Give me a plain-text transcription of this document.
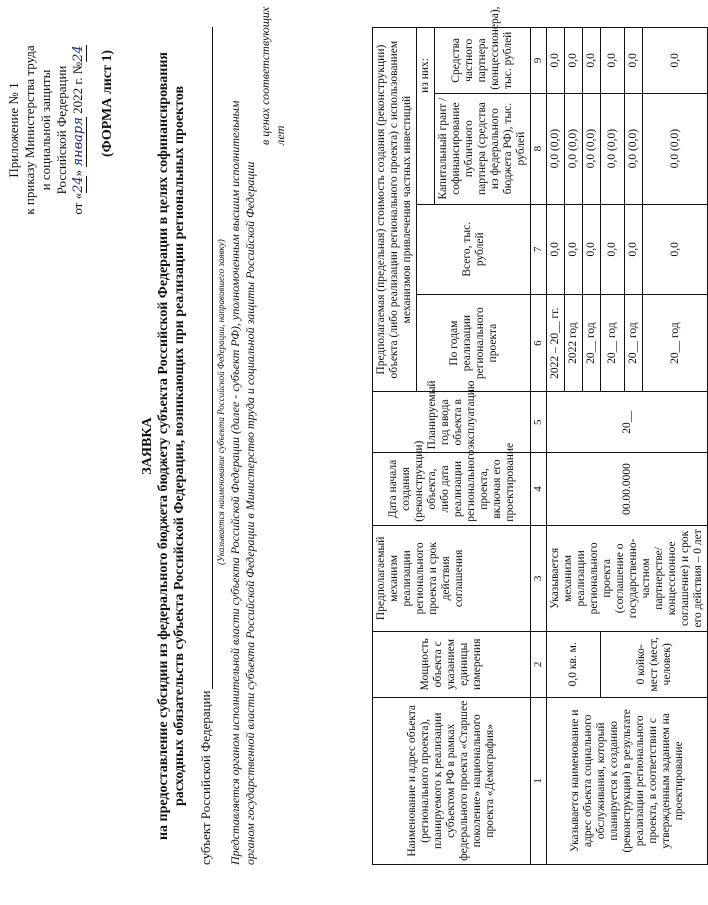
Приложение № 1 к приказу Министерства труда и социальной защиты Российской Федерации
от «24» января 2022 г. №24 (ФОРМА лист 1)
ЗАЯВКА на предоставление субсидии из федерального бюджета бюджету субъекта Российской Федерации в целях софинансирования расходных обязательств субъекта Российской Федерации, возникающих при реализации региональных проектов субъект Российской Федерации
(Указывается наименование субъекта Российской Федерации, направившего заявку) Представляется органом исполнительной власти субъекта Российской Федерации (далее - субъект РФ), уполномоченным высшим исполнительным органом государственной власти субъекта Российской Федерации в Министерство труда и социальной защиты Российской Федерации
в ценах соответствующих лет
Наименование и адрес объекта (регионального проекта), планируемого к реализации субъектом РФ в рамках федерального проекта «Старшее поколение» национального проекта «Демография»	Мощность объекта с указанием единицы измерения	Предполагаемый механизм реализации регионального проекта и срок действия соглашения	Дата начала создания (реконструкции) объекта, либо дата реализации регионального проекта, включая его проектирование	Планируемый год ввода объекта в эксплуатацию	Предполагаемая (предельная) стоимость создания (реконструкции) объекта (либо реализации регионального проекта) с использованием механизмов привлечения частных инвестиций			
					По годам реализации регионального проекта	Всего, тыс. рублей	из них:	
							Капитальный грант / софинансирование публичного партнера (средства из федерального бюджета РФ), тыс. рублей	Средства частного партнера (концессионера), тыс. рублей
1	2	3	4	5	6	7	8	9
Указывается наименование и адрес объекта социального обслуживания, который планируется к созданию (реконструкции) в результате реализации регионального проекта, в соответствии с утвержденным заданием на проектирование	0,0 кв. м.	Указывается механизм реализации регионального проекта (соглашение о государственно-частном партнерстве/ концессионное соглашение) и срок его действия – 0 лет	00.00.0000	20__	2022 – 20__ гг.	0,0	0,0 (0,0)	0,0
					2022 год	0,0	0,0 (0,0)	0,0
					20__ год	0,0	0,0 (0,0)	0,0
	0 койко-мест (мест, человек)				20__ год	0,0	0,0 (0,0)	0,0
					20__ год	0,0	0,0 (0,0)	0,0
					20__ год	0,0	0,0 (0,0)	0,0
